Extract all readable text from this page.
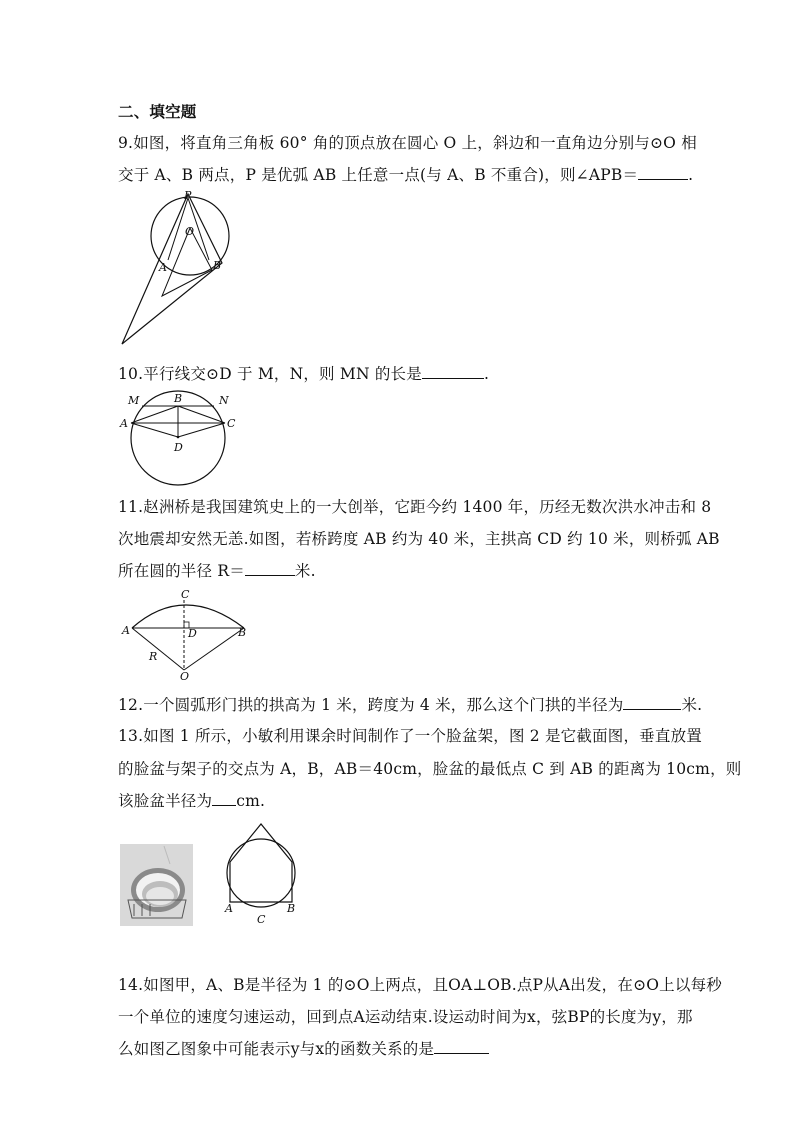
二、填空题
9.如图，将直角三角板 60° 角的顶点放在圆心 O 上，斜边和一直角边分别与⊙O 相
交于 A、B 两点，P 是优弧 AB 上任意一点(与 A、B 不重合)，则∠APB＝	.
P
O
A	B
10.平行线交⊙D 于 M，N，则 MN 的长是	.
M	B	N
A	C
D
11.赵洲桥是我国建筑史上的一大创举，它距今约 1400 年，历经无数次洪水冲击和 8
次地震却安然无恙.如图，若桥跨度 AB 约为 40 米，主拱高 CD 约 10 米，则桥弧 AB
所在圆的半径 R＝	米.
C
A	D	B
R
O
12.一个圆弧形门拱的拱高为 1 米，跨度为 4 米，那么这个门拱的半径为	米.
13.如图 1 所示，小敏利用课余时间制作了一个脸盆架，图 2 是它截面图，垂直放置
的脸盆与架子的交点为 A，B，AB＝40cm，脸盆的最低点 C 到 AB 的距离为 10cm，则
该脸盆半径为 cm.
A
C
B
14.如图甲，A、B是半径为 1 的⊙O上两点，且OA⊥OB.点P从A出发，在⊙O上以每秒
一个单位的速度匀速运动，回到点A运动结束.设运动时间为x，弦BP的长度为y，那
么如图乙图象中可能表示y与x的函数关系的是
